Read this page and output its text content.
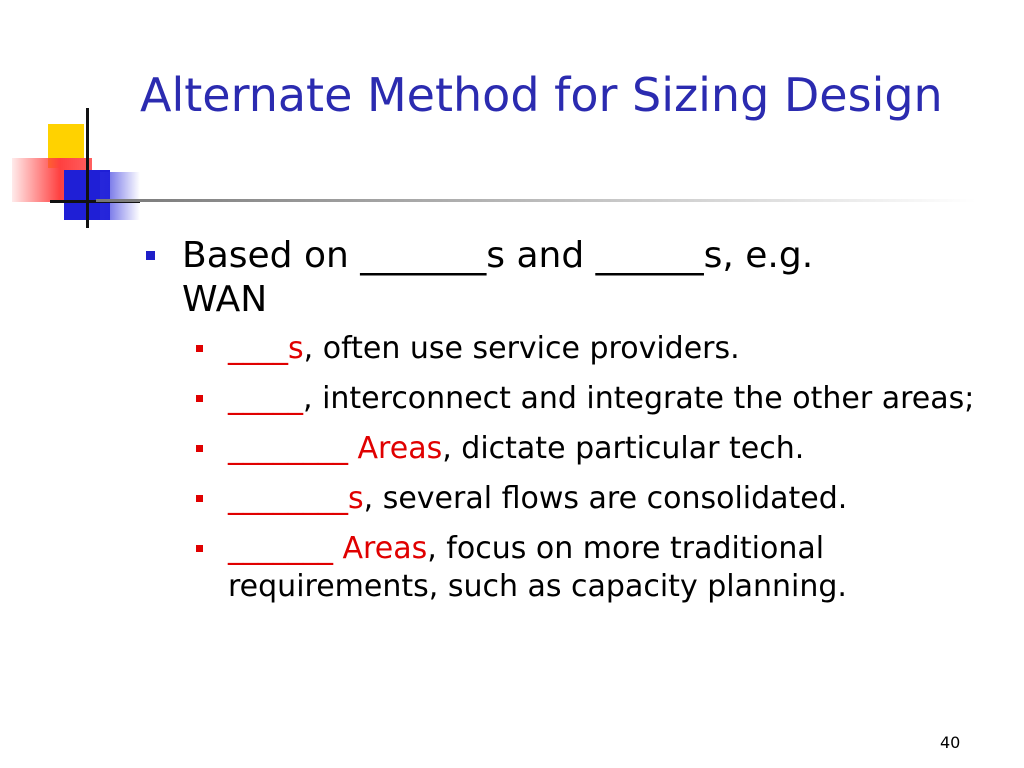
Alternate Method for Sizing Design
Based on _______s and ______s, e.g.
WAN
____s, often use service providers.
_____, interconnect and integrate the other areas;
________ Areas, dictate particular tech.
________s, several flows are consolidated.
_______ Areas, focus on more traditional requirements, such as capacity planning.
40
